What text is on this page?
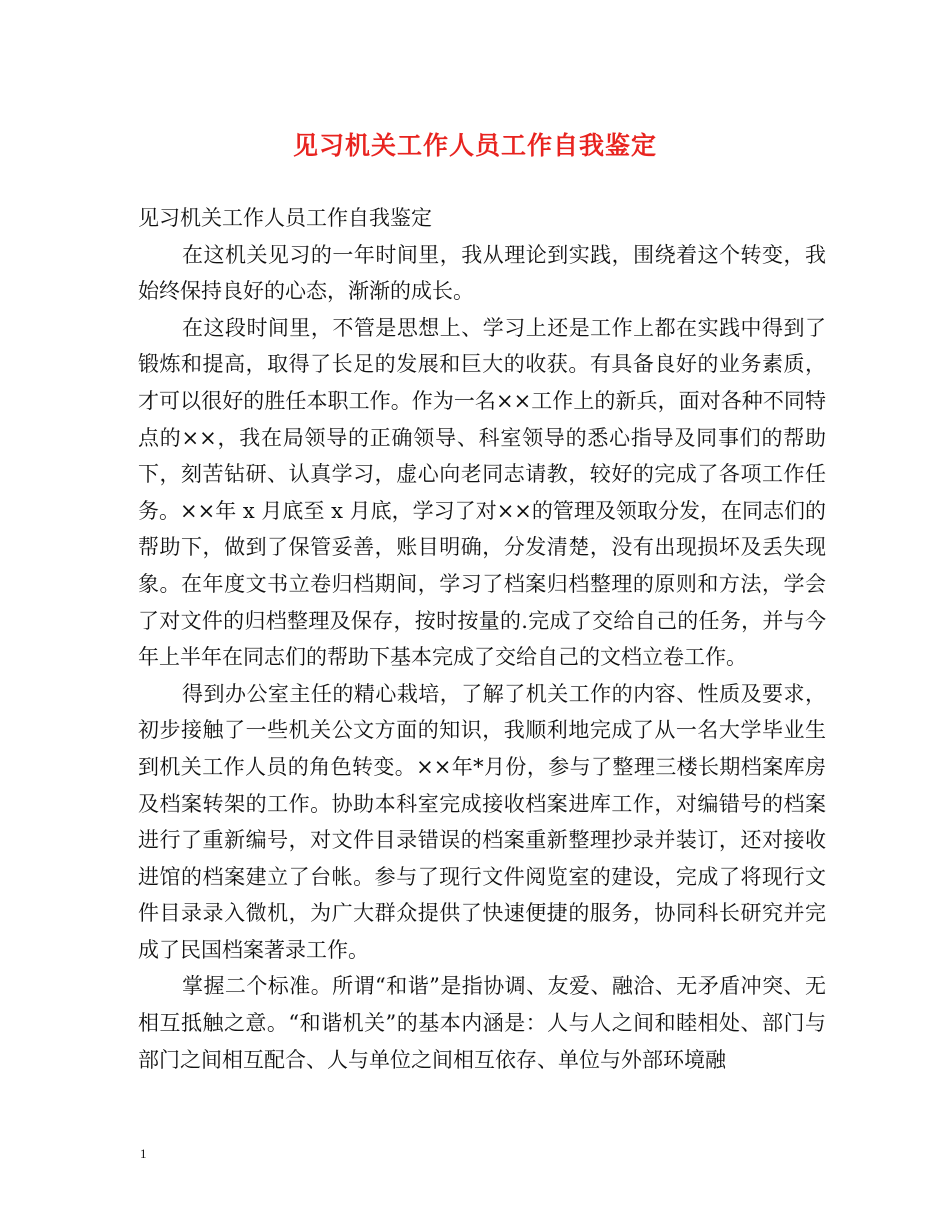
见习机关工作人员工作自我鉴定

见习机关工作人员工作自我鉴定

在这机关见习的一年时间里，我从理论到实践，围绕着这个转变，我始终保持良好的心态，渐渐的成长。

在这段时间里，不管是思想上、学习上还是工作上都在实践中得到了锻炼和提高，取得了长足的发展和巨大的收获。有具备良好的业务素质，才可以很好的胜任本职工作。作为一名××工作上的新兵，面对各种不同特点的××，我在局领导的正确领导、科室领导的悉心指导及同事们的帮助下，刻苦钻研、认真学习，虚心向老同志请教，较好的完成了各项工作任务。××年 x 月底至 x 月底，学习了对××的管理及领取分发，在同志们的帮助下，做到了保管妥善，账目明确，分发清楚，没有出现损坏及丢失现象。在年度文书立卷归档期间，学习了档案归档整理的原则和方法，学会了对文件的归档整理及保存，按时按量的.完成了交给自己的任务，并与今年上半年在同志们的帮助下基本完成了交给自己的文档立卷工作。

得到办公室主任的精心栽培，了解了机关工作的内容、性质及要求，初步接触了一些机关公文方面的知识，我顺利地完成了从一名大学毕业生到机关工作人员的角色转变。××年*月份，参与了整理三楼长期档案库房及档案转架的工作。协助本科室完成接收档案进库工作，对编错号的档案进行了重新编号，对文件目录错误的档案重新整理抄录并装订，还对接收进馆的档案建立了台帐。参与了现行文件阅览室的建设，完成了将现行文件目录录入微机，为广大群众提供了快速便捷的服务，协同科长研究并完成了民国档案著录工作。

掌握二个标准。所谓“和谐”是指协调、友爱、融洽、无矛盾冲突、无相互抵触之意。“和谐机关”的基本内涵是：人与人之间和睦相处、部门与部门之间相互配合、人与单位之间相互依存、单位与外部环境融

1
